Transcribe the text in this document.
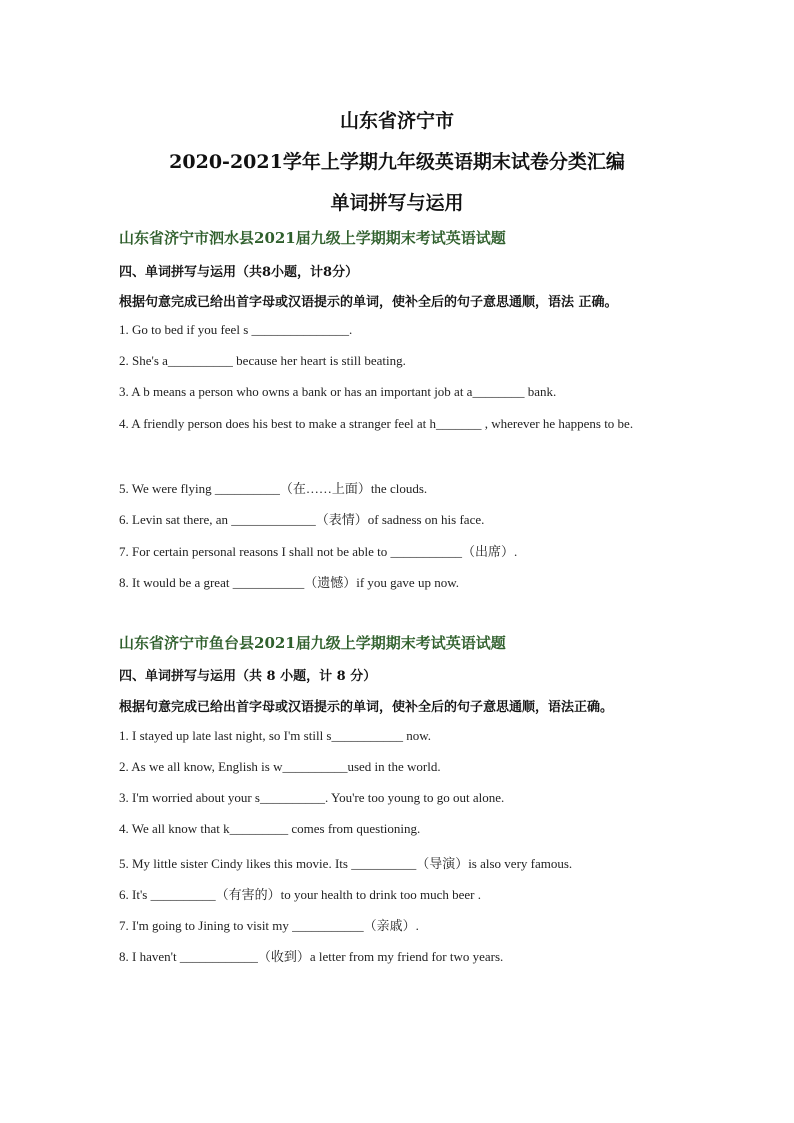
山东省济宁市
2020-2021学年上学期九年级英语期末试卷分类汇编
单词拼写与运用
山东省济宁市泗水县2021届九级上学期期末考试英语试题
四、单词拼写与运用（共8小题，计8分）
根据句意完成已给出首字母或汉语提示的单词，使补全后的句子意思通顺，语法 正确。
1. Go to bed if you feel s _______________.
2. She's a__________ because her heart is still beating.
3. A b means a person who owns a bank or has an important job at a________ bank.
4. A friendly person does his best to make a stranger feel at h_______ , wherever he happens to be.
5. We were flying __________（在……上面）the clouds.
6. Levin sat there, an _____________（表情）of sadness on his face.
7. For certain personal reasons I shall not be able to ___________（出席）.
8. It would be a great ___________（遗憾）if you gave up now.
山东省济宁市鱼台县2021届九级上学期期末考试英语试题
四、单词拼写与运用（共 8 小题，计 8 分）
根据句意完成已给出首字母或汉语提示的单词，使补全后的句子意思通顺，语法正确。
1. I stayed up late last night, so I'm still s___________ now.
2. As we all know, English is w__________used in the world.
3. I'm worried about your s__________. You're too young to go out alone.
4. We all know that k_________ comes from questioning.
5. My little sister Cindy likes this movie. Its __________（导演）is also very famous.
6. It's __________（有害的）to your health to drink too much beer .
7. I'm going to Jining to visit my ___________（亲戚）.
8. I haven't ____________（收到）a letter from my friend for two years.
